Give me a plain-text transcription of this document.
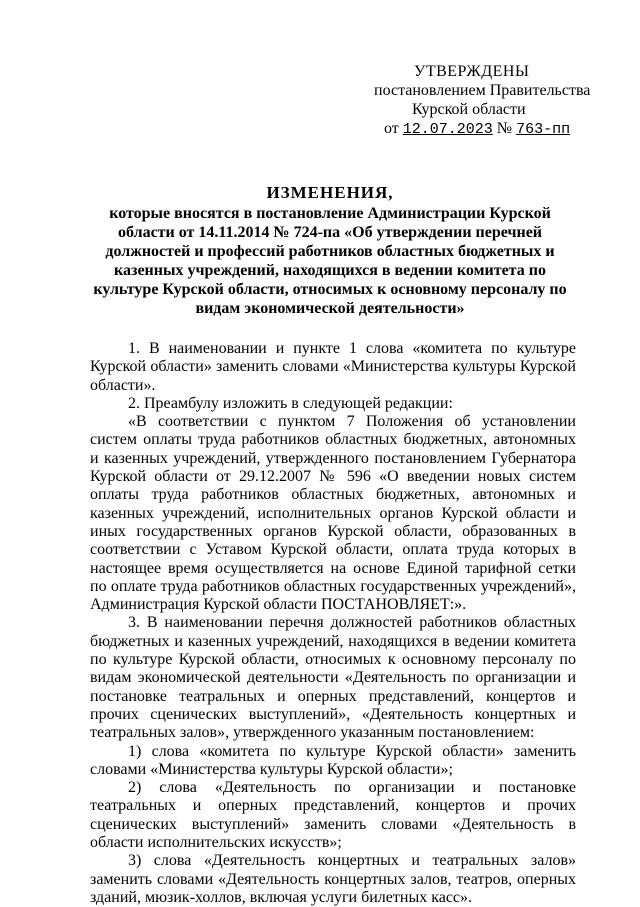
УТВЕРЖДЕНЫ
постановлением Правительства
Курской области
от 12.07.2023 № 763-пп
ИЗМЕНЕНИЯ,
которые вносятся в постановление Администрации Курской области от 14.11.2014 № 724-па «Об утверждении перечней должностей и профессий работников областных бюджетных и казенных учреждений, находящихся в ведении комитета по культуре Курской области, относимых к основному персоналу по видам экономической деятельности»

1. В наименовании и пункте 1 слова «комитета по культуре Курской области» заменить словами «Министерства культуры Курской области».

2. Преамбулу изложить в следующей редакции:

«В соответствии с пунктом 7 Положения об установлении систем оплаты труда работников областных бюджетных, автономных и казенных учреждений, утвержденного постановлением Губернатора Курской области от 29.12.2007 № 596 «О введении новых систем оплаты труда работников областных бюджетных, автономных и казенных учреждений, исполнительных органов Курской области и иных государственных органов Курской области, образованных в соответствии с Уставом Курской области, оплата труда которых в настоящее время осуществляется на основе Единой тарифной сетки по оплате труда работников областных государственных учреждений», Администрация Курской области ПОСТАНОВЛЯЕТ:».

3. В наименовании перечня должностей работников областных бюджетных и казенных учреждений, находящихся в ведении комитета по культуре Курской области, относимых к основному персоналу по видам экономической деятельности «Деятельность по организации и постановке театральных и оперных представлений, концертов и прочих сценических выступлений», «Деятельность концертных и театральных залов», утвержденного указанным постановлением:

1) слова «комитета по культуре Курской области» заменить словами «Министерства культуры Курской области»;

2) слова «Деятельность по организации и постановке театральных и оперных представлений, концертов и прочих сценических выступлений» заменить словами «Деятельность в области исполнительских искусств»;

3) слова «Деятельность концертных и театральных залов» заменить словами «Деятельность концертных залов, театров, оперных зданий, мюзик-холлов, включая услуги билетных касс».
